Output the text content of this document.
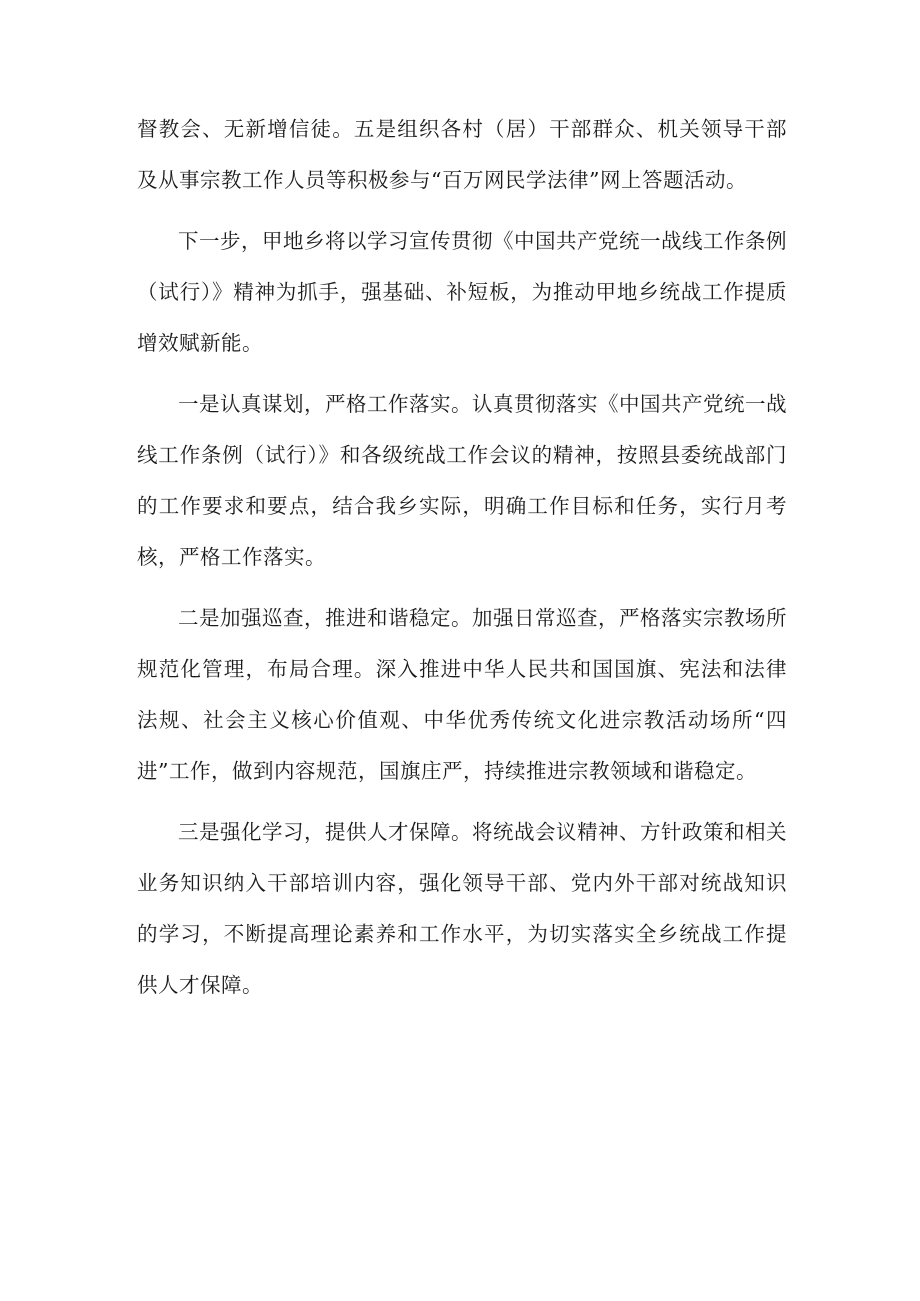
督教会、无新增信徒。五是组织各村（居）干部群众、机关领导干部及从事宗教工作人员等积极参与“百万网民学法律”网上答题活动。

下一步，甲地乡将以学习宣传贯彻《中国共产党统一战线工作条例（试行）》精神为抓手，强基础、补短板，为推动甲地乡统战工作提质增效赋新能。

一是认真谋划，严格工作落实。认真贯彻落实《中国共产党统一战线工作条例（试行）》和各级统战工作会议的精神，按照县委统战部门的工作要求和要点，结合我乡实际，明确工作目标和任务，实行月考核，严格工作落实。

二是加强巡查，推进和谐稳定。加强日常巡查，严格落实宗教场所规范化管理，布局合理。深入推进中华人民共和国国旗、宪法和法律法规、社会主义核心价值观、中华优秀传统文化进宗教活动场所“四进”工作，做到内容规范，国旗庄严，持续推进宗教领域和谐稳定。

三是强化学习，提供人才保障。将统战会议精神、方针政策和相关业务知识纳入干部培训内容，强化领导干部、党内外干部对统战知识的学习，不断提高理论素养和工作水平，为切实落实全乡统战工作提供人才保障。
